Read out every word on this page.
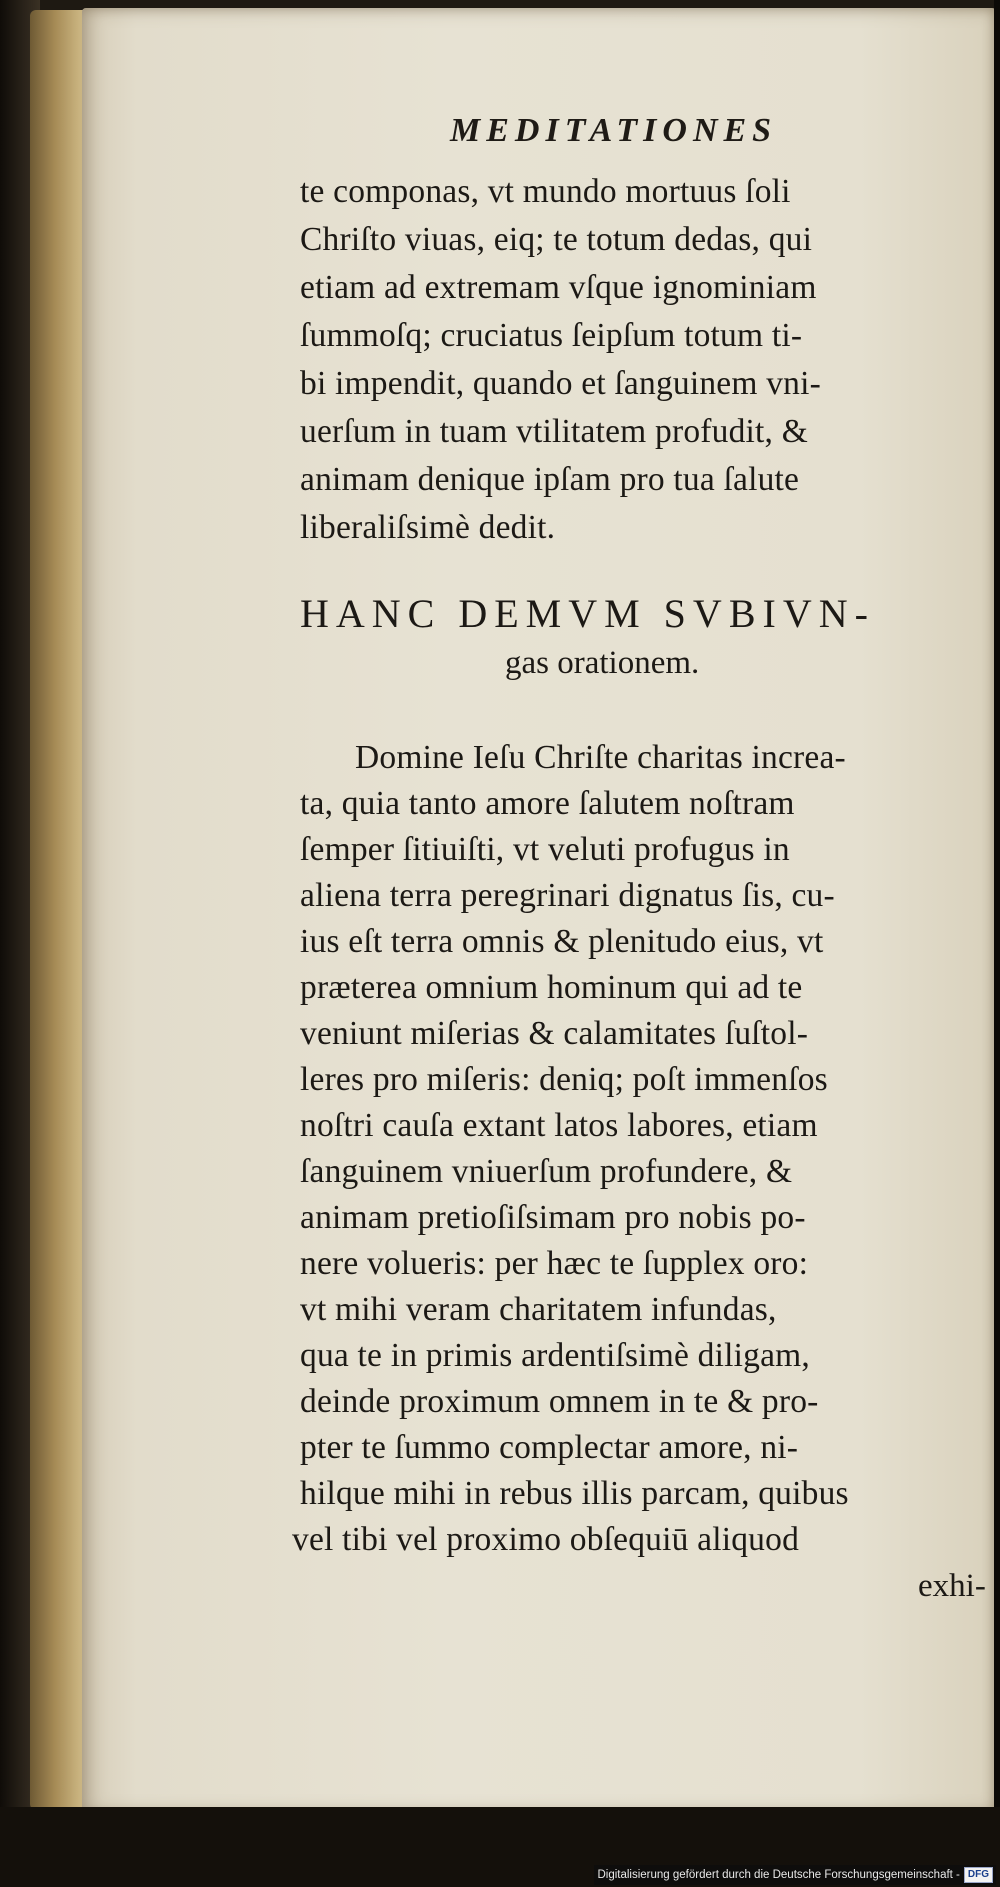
MEDITATIONES
te componas, vt mundo mortuus ſoli
Chriſto viuas, eiq; te totum dedas, qui
etiam ad extremam vſque ignominiam
ſummoſq; cruciatus ſeipſum totum ti-
bi impendit, quando et ſanguinem vni-
uerſum in tuam vtilitatem profudit, &
animam denique ipſam pro tua ſalute
liberaliſsimè dedit.
HANC DEMVM SVBIVN-
gas orationem.
Domine Ieſu Chriſte charitas increa-
ta, quia tanto amore ſalutem noſtram
ſemper ſitiuiſti, vt veluti profugus in
aliena terra peregrinari dignatus ſis, cu-
ius eſt terra omnis & plenitudo eius, vt
præterea omnium hominum qui ad te
veniunt miſerias & calamitates ſuſtol-
leres pro miſeris: deniq; poſt immenſos
noſtri cauſa extant latos labores, etiam
ſanguinem vniuerſum profundere, &
animam pretioſiſsimam pro nobis po-
nere volueris: per hæc te ſupplex oro:
vt mihi veram charitatem infundas,
qua te in primis ardentiſsimè diligam,
deinde proximum omnem in te & pro-
pter te ſummo complectar amore, ni-
hilque mihi in rebus illis parcam, quibus
vel tibi vel proximo obſequiū aliquod
exhi-
Digitalisierung gefördert durch die Deutsche Forschungsgemeinschaft - DFG
